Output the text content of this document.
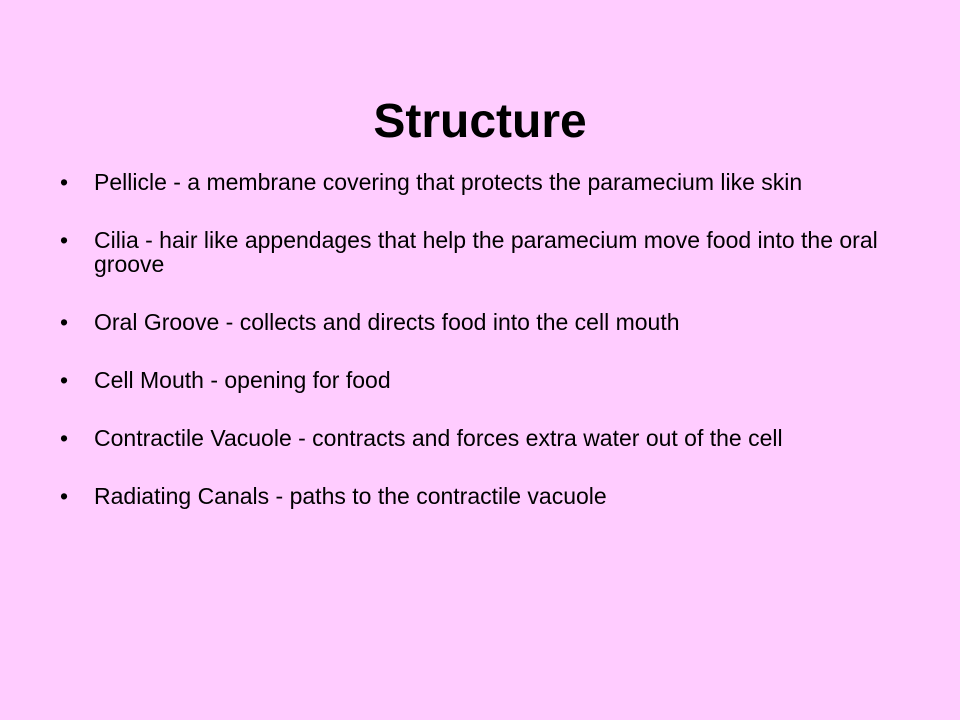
Structure
• Pellicle - a membrane covering that protects the paramecium like skin
• Cilia - hair like appendages that help the paramecium move food into the oral groove
• Oral Groove - collects and directs food into the cell mouth
• Cell Mouth - opening for food
• Contractile Vacuole - contracts and forces extra water out of the cell
• Radiating Canals - paths to the contractile vacuole
